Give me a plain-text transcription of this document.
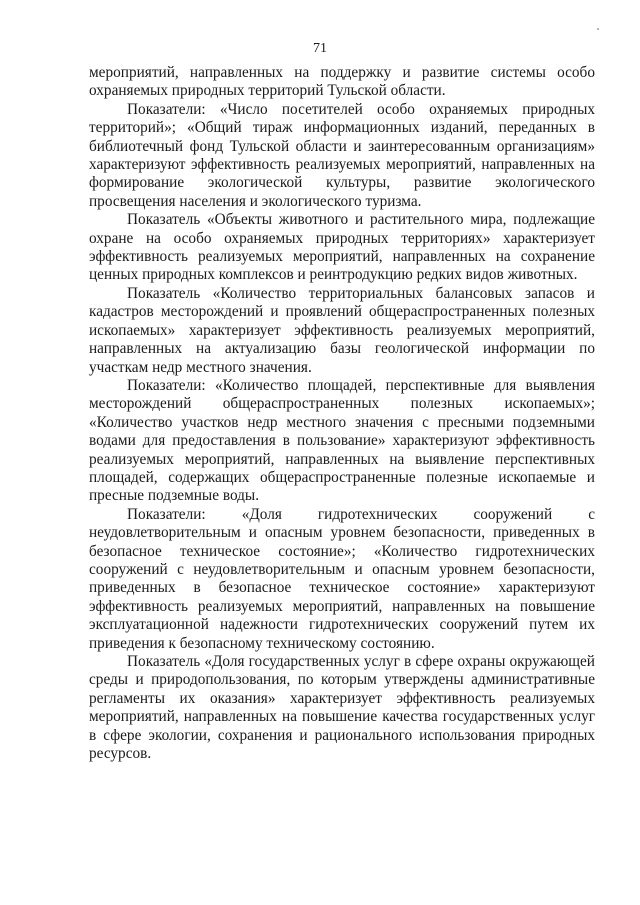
71

мероприятий, направленных на поддержку и развитие системы особо охраняемых природных территорий Тульской области.

Показатели: «Число посетителей особо охраняемых природных территорий»; «Общий тираж информационных изданий, переданных в библиотечный фонд Тульской области и заинтересованным организациям» характеризуют эффективность реализуемых мероприятий, направленных на формирование экологической культуры, развитие экологического просвещения населения и экологического туризма.

Показатель «Объекты животного и растительного мира, подлежащие охране на особо охраняемых природных территориях» характеризует эффективность реализуемых мероприятий, направленных на сохранение ценных природных комплексов и реинтродукцию редких видов животных.

Показатель «Количество территориальных балансовых запасов и кадастров месторождений и проявлений общераспространенных полезных ископаемых» характеризует эффективность реализуемых мероприятий, направленных на актуализацию базы геологической информации по участкам недр местного значения.

Показатели: «Количество площадей, перспективные для выявления месторождений общераспространенных полезных ископаемых»; «Количество участков недр местного значения с пресными подземными водами для предоставления в пользование» характеризуют эффективность реализуемых мероприятий, направленных на выявление перспективных площадей, содержащих общераспространенные полезные ископаемые и пресные подземные воды.

Показатели: «Доля гидротехнических сооружений с неудовлетворительным и опасным уровнем безопасности, приведенных в безопасное техническое состояние»; «Количество гидротехнических сооружений с неудовлетворительным и опасным уровнем безопасности, приведенных в безопасное техническое состояние» характеризуют эффективность реализуемых мероприятий, направленных на повышение эксплуатационной надежности гидротехнических сооружений путем их приведения к безопасному техническому состоянию.

Показатель «Доля государственных услуг в сфере охраны окружающей среды и природопользования, по которым утверждены административные регламенты их оказания» характеризует эффективность реализуемых мероприятий, направленных на повышение качества государственных услуг в сфере экологии, сохранения и рационального использования природных ресурсов.
